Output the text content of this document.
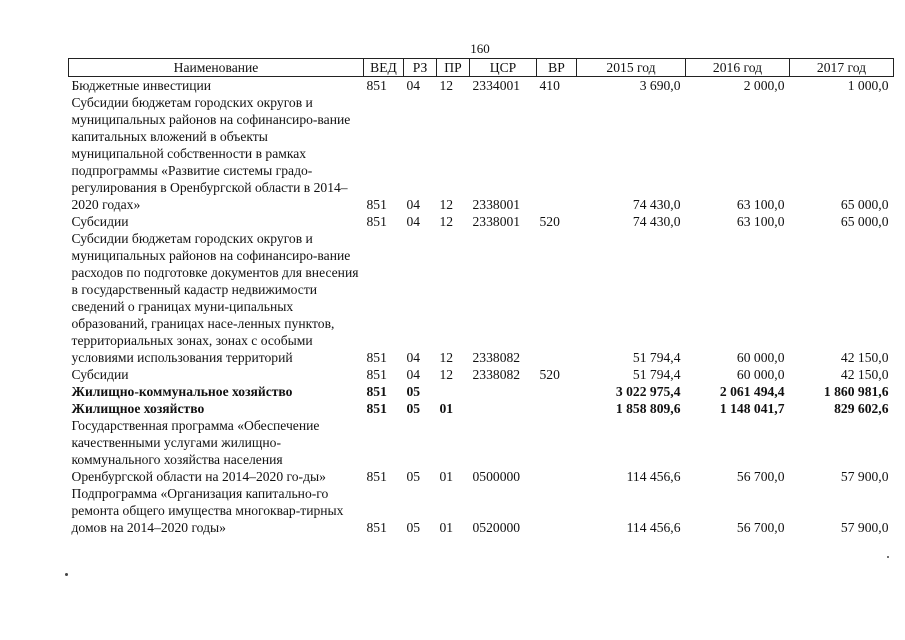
160
Наименование	ВЕД	РЗ	ПР	ЦСР	ВР	2015 год	2016 год	2017 год
Бюджетные инвестиции	851	04	12	2334001	410	3 690,0	2 000,0	1 000,0
Субсидии бюджетам городских округов и муниципальных районов на софинансиро-вание капитальных вложений в объекты муниципальной собственности в рамках подпрограммы «Развитие системы градо-регулирования в Оренбургской области в 2014–2020 годах»	851	04	12	2338001		74 430,0	63 100,0	65 000,0
Субсидии	851	04	12	2338001	520	74 430,0	63 100,0	65 000,0
Субсидии бюджетам городских округов и муниципальных районов на софинансиро-вание расходов по подготовке документов для внесения в государственный кадастр недвижимости сведений о границах муни-ципальных образований, границах насе-ленных пунктов, территориальных зонах, зонах с особыми условиями использования территорий	851	04	12	2338082		51 794,4	60 000,0	42 150,0
Субсидии	851	04	12	2338082	520	51 794,4	60 000,0	42 150,0
Жилищно-коммунальное хозяйство	851	05				3 022 975,4	2 061 494,4	1 860 981,6
Жилищное хозяйство	851	05	01			1 858 809,6	1 148 041,7	829 602,6
Государственная программа «Обеспечение качественными услугами жилищно-коммунального хозяйства населения Оренбургской области на 2014–2020 го-ды»	851	05	01	0500000		114 456,6	56 700,0	57 900,0
Подпрограмма «Организация капитально-го ремонта общего имущества многоквар-тирных домов на 2014–2020 годы»	851	05	01	0520000		114 456,6	56 700,0	57 900,0
